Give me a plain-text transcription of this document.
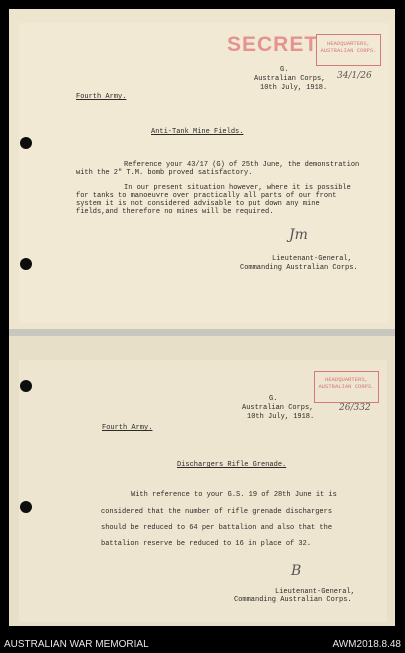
SECRET	HEADQUARTERS,
AUSTRALIAN CORPS.
G.
Australian Corps, 34/1/26
10th July, 1918.
Fourth Army.
Anti-Tank Mine Fields.
Reference your 43/17 (G) of 25th June, the demonstration
with the 2" T.M. bomb proved satisfactory.
In our present situation however, where it is possible
for tanks to manoeuvre over practically all parts of our front
system it is not considered advisable to put down any mine
fields,and therefore no mines will be required.
Jm
Lieutenant-General,
Commanding Australian Corps.
HEADQUARTERS,
AUSTRALIAN CORPS.
26/332
G.
Australian Corps,
10th July, 1918.
Fourth Army.
Dischargers Rifle Grenade.
With reference to your G.S. 19 of 28th June it is
considered that the number of rifle grenade dischargers
should be reduced to 64 per battalion and also that the
battalion reserve be reduced to 16 in place of 32.
B
Lieutenant-General,
Commanding Australian Corps.
AUSTRALIAN WAR MEMORIAL	AWM2018.8.48
